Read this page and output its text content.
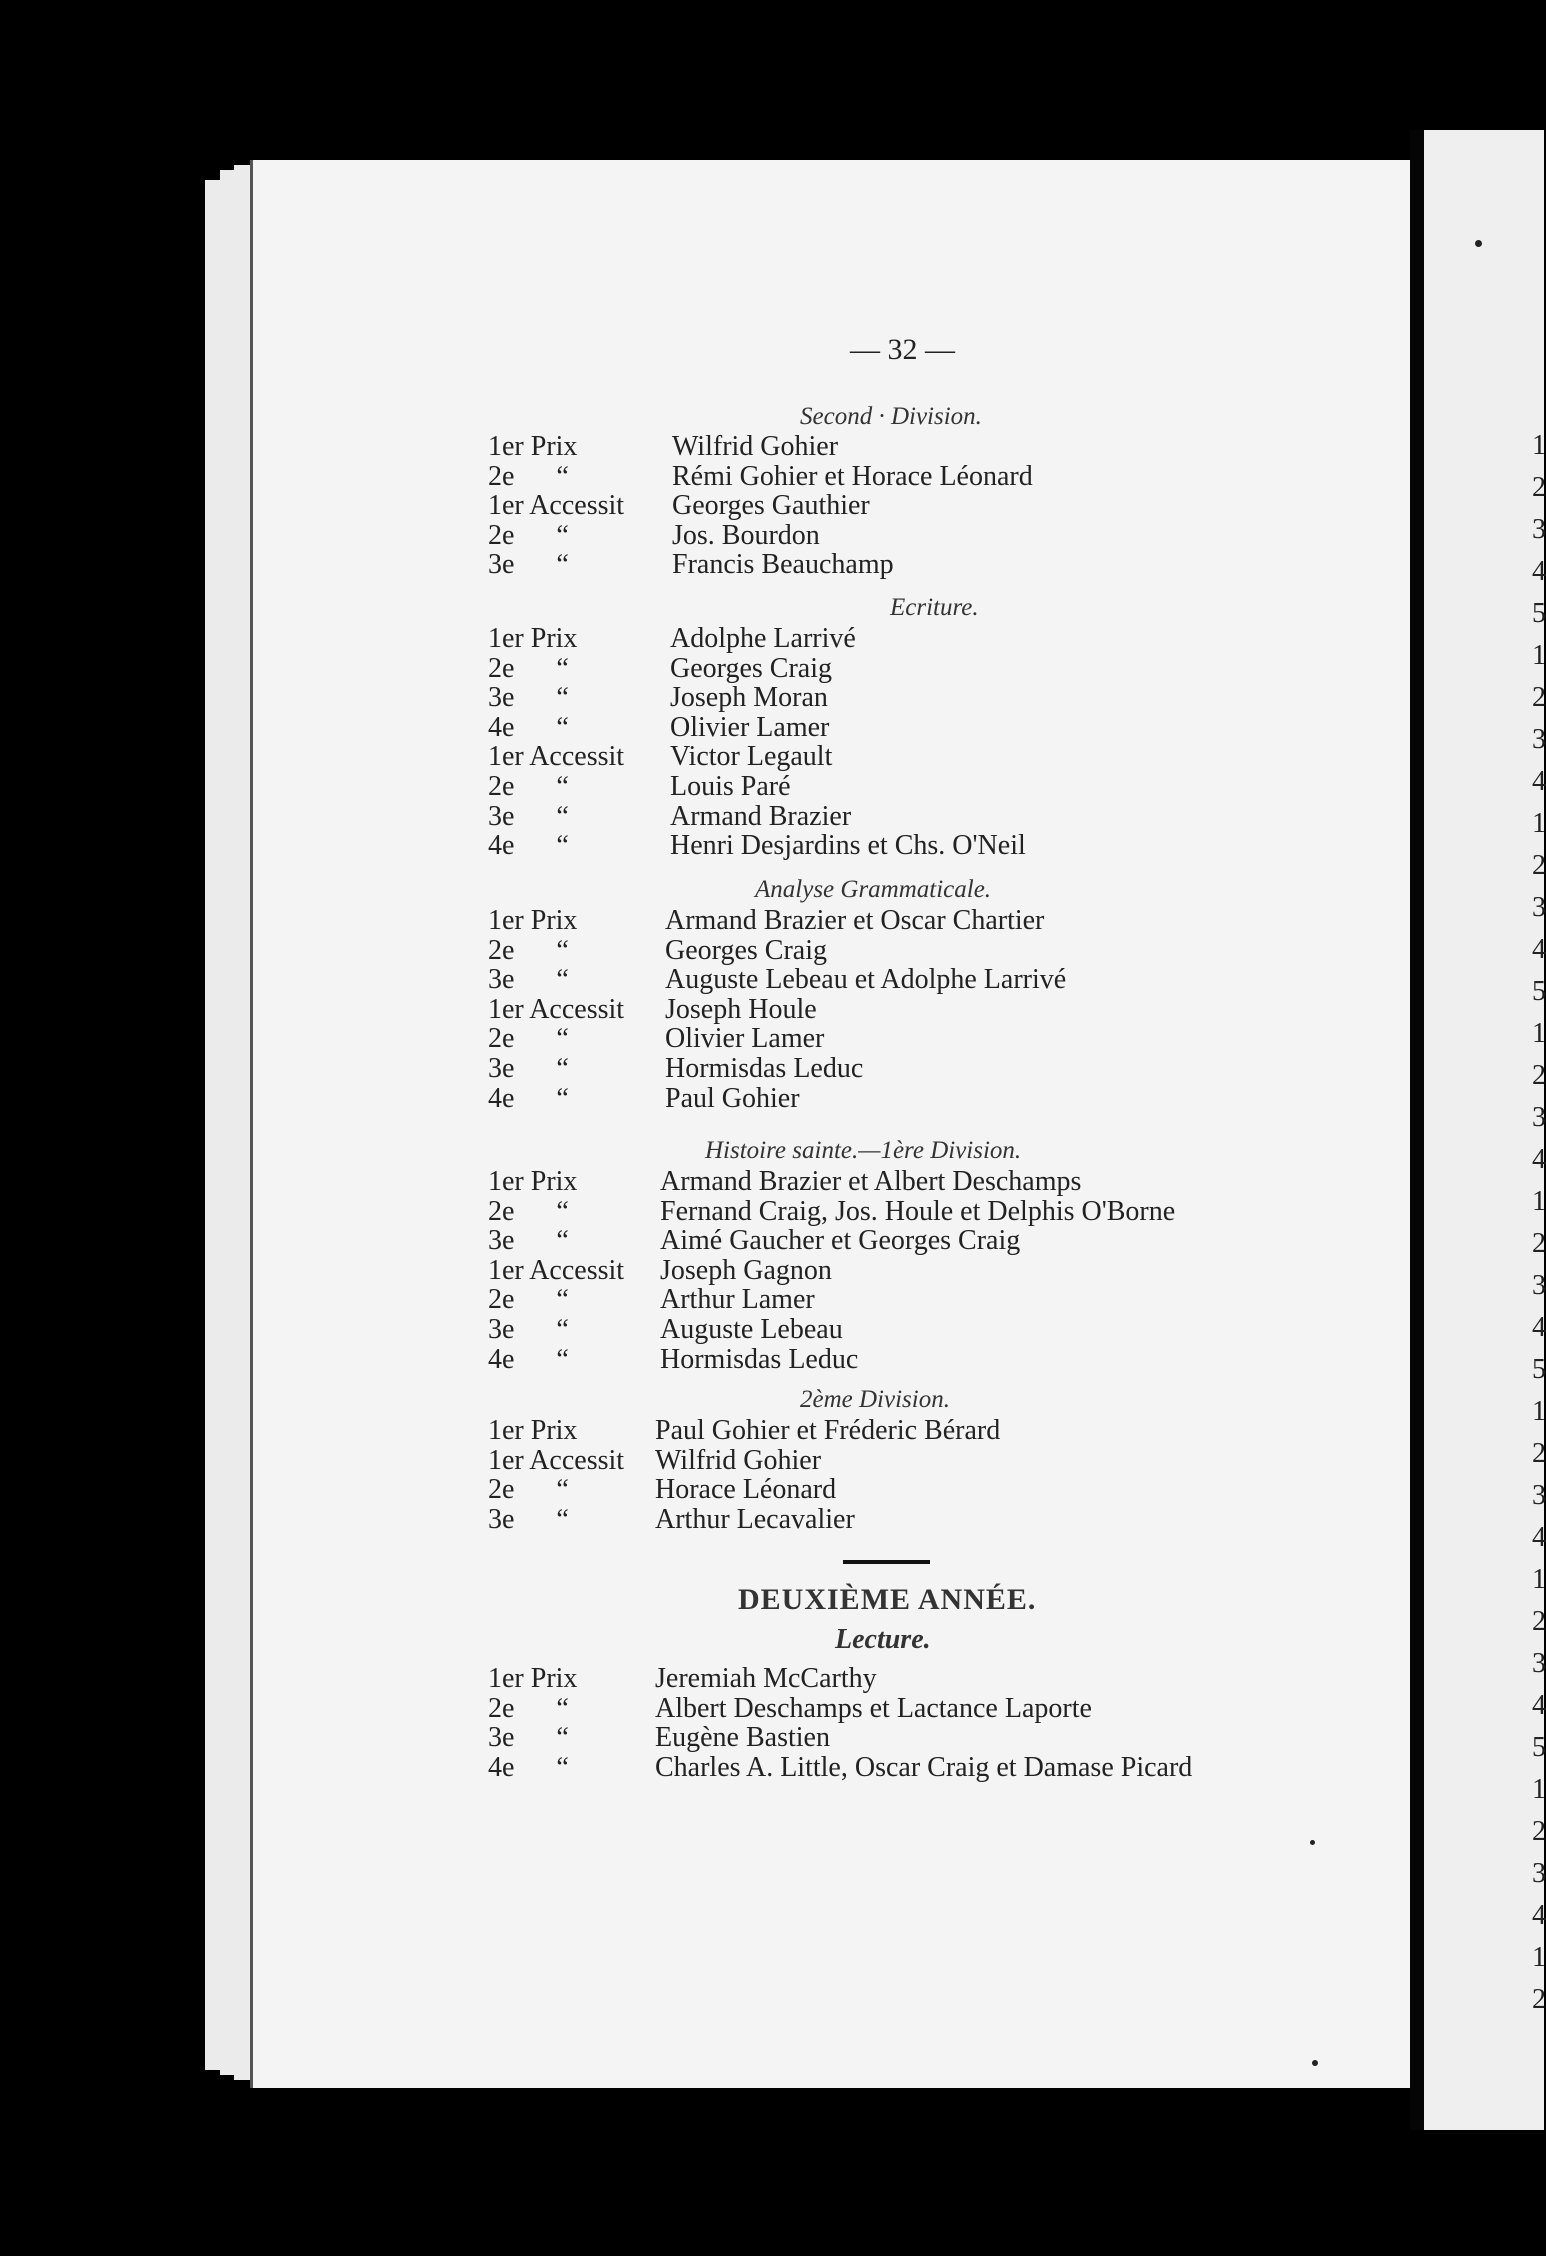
1
2
3
4
5
1
2
3
4
1
2
3
4
5
1
2
3
4
1
2
3
4
5
1
2
3
4
1
2
3
4
5
1
2
3
4
1
2
— 32 —
Second · Division.
1er Prix	Wilfrid Gohier
2e      “	Rémi Gohier et Horace Léonard
1er Accessit Georges Gauthier
2e      “	Jos. Bourdon
3e      “	Francis Beauchamp
Ecriture.
1er Prix	Adolphe Larrivé
2e      “	Georges Craig
3e      “	Joseph Moran
4e      “	Olivier Lamer
1er Accessit Victor Legault
2e      “	Louis Paré
3e      “	Armand Brazier
4e      “	Henri Desjardins et Chs. O'Neil
Analyse Grammaticale.
1er Prix	Armand Brazier et Oscar Chartier
2e      “	Georges Craig
3e      “	Auguste Lebeau et Adolphe Larrivé
1er Accessit Joseph Houle
2e      “	Olivier Lamer
3e      “	Hormisdas Leduc
4e      “	Paul Gohier
Histoire sainte.—1ère Division.
1er Prix	Armand Brazier et Albert Deschamps
2e      “	Fernand Craig, Jos. Houle et Delphis O'Borne
3e      “	Aimé Gaucher et Georges Craig
1er Accessit Joseph Gagnon
2e      “	Arthur Lamer
3e      “	Auguste Lebeau
4e      “	Hormisdas Leduc
2ème Division.
1er Prix	Paul Gohier et Fréderic Bérard
1er Accessit Wilfrid Gohier
2e      “	Horace Léonard
3e      “	Arthur Lecavalier
DEUXIÈME ANNÉE.
Lecture.
1er Prix	Jeremiah McCarthy
2e      “	Albert Deschamps et Lactance Laporte
3e      “	Eugène Bastien
4e      “	Charles A. Little, Oscar Craig et Damase Picard
